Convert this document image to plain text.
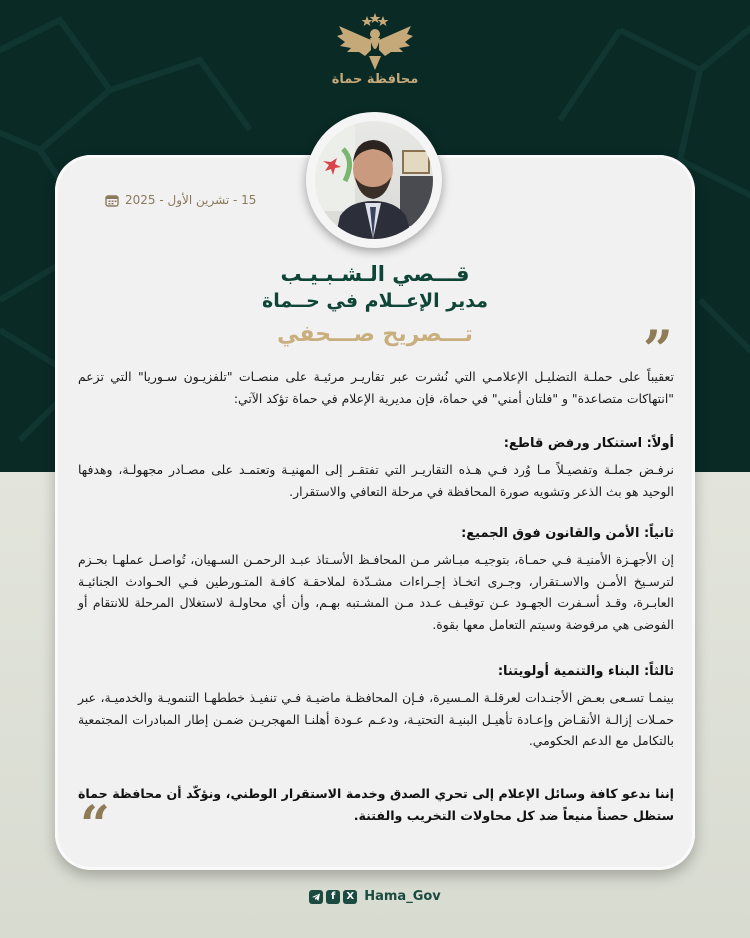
محافظة حماة
15 - تشرين الأول - 2025
قـــصي الـشـبـيـب
مدير الإعــلام في حــماة
تـــصريح صـــحفي	”
تعقيباً على حملـة التضليـل الإعلامـي التي نُشرت عبر تقاريـر مرئيـة على منصـات "تلفزيـون سـوريا" التي تزعم "انتهاكات متصاعدة" و "فلتان أمني" في حماة، فإن مديرية الإعلام في حماة تؤكد الآتي:
أولاً: استنكار ورفض قاطع:
نرفـض جملـة وتفصيـلاً مـا وُرد فـي هـذه التقاريـر التي تفتقـر إلى المهنيـة وتعتمـد على مصـادر مجهولـة، وهدفها الوحيد هو بث الذعر وتشويه صورة المحافظة في مرحلة التعافي والاستقرار.
ثانياً: الأمن والقانون فوق الجميع:
إن الأجهـزة الأمنيـة فـي حمـاة، بتوجيـه مبـاشر مـن المحافـظ الأسـتاذ عبـد الرحمـن السـهيان، تُواصـل عملهـا بحـزم لترسـيخ الأمـن والاسـتقرار، وجـرى اتخـاذ إجـراءات مشـدّدة لملاحقـة كافـة المتـورطين فـي الحـوادث الجنائيـة العابـرة، وقـد أسـفرت الجهـود عـن توقيـف عـدد مـن المشـتبه بهـم، وأن أي محاولـة لاستغلال المرحلة للانتقام أو الفوضى هي مرفوضة وسيتم التعامل معها بقوة.
ثالثاً: البناء والتنمية أولويتنا:
بينمـا تسـعى بعـض الأجنـدات لعرقلـة المـسيرة، فـإن المحافظـة ماضيـة فـي تنفيـذ خططهـا التنمويـة والخدميـة، عبر حمـلات إزالـة الأنقـاض وإعـادة تأهيـل البنيـة التحتيـة، ودعـم عـودة أهلنـا المهجريـن ضمـن إطار المبادرات المجتمعية بالتكامل مع الدعم الحكومي.
إننا ندعو كافة وسائل الإعلام إلى تحري الصدق وخدمة الاستقرار الوطني، ونؤكّد أن محافظة حماة ستظل حصناً منيعاً ضد كل محاولات التخريب والفتنة.
“
f	X Hama_Gov
